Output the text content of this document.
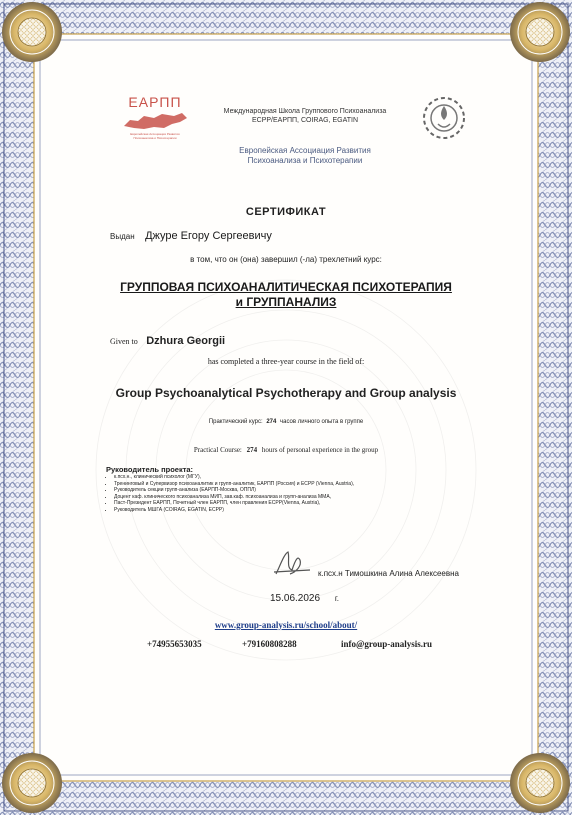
ЕАРПП
Европейская Ассоциация Развития Психоанализа и Психотерапии
Международная Школа Группового Психоанализа
ЕСРР/ЕАРПП, COIRAG, EGATIN
Европейская Ассоциация Развития
Психоанализа и Психотерапии
СЕРТИФИКАТ
Выдан Джуре Егору Сергеевичу
в том, что он (она) завершил (-ла) трехлетний курс:
ГРУППОВАЯ ПСИХОАНАЛИТИЧЕСКАЯ ПСИХОТЕРАПИЯ
и ГРУППАНАЛИЗ
Given to Dzhura Georgii
has completed a three-year course in the field of:
Group Psychoanalytical Psychotherapy and Group analysis
Практический курс: 274 часов личного опыта в группе
Practical Course: 274 hours of personal experience in the group
Руководитель проекта:
• к.псх.н., клинический психолог (МГУ),
• Тренинговый и Супервизор психоаналитик и групп-аналитик, ЕАРПП (Россия) и ECPP (Vienna, Austria),
• Руководитель секции групп-анализа (ЕАРПП-Москва, ОППЛ)
• Доцент каф. клинического психоанализа МИП, зав.каф. психоанализа и групп-анализа ММА,
• Паст-Президент ЕАРПП, Почетный член ЕАРПП, член правления ECPP(Vienna, Austria),
• Руководитель МШГА (COIRAG, EGATIN, ECPP)
к.псх.н Тимошкина Алина Алексеевна
15.06.2026 г.
www.group-analysis.ru/school/about/
+74955653035	+79160808288	info@group-analysis.ru
